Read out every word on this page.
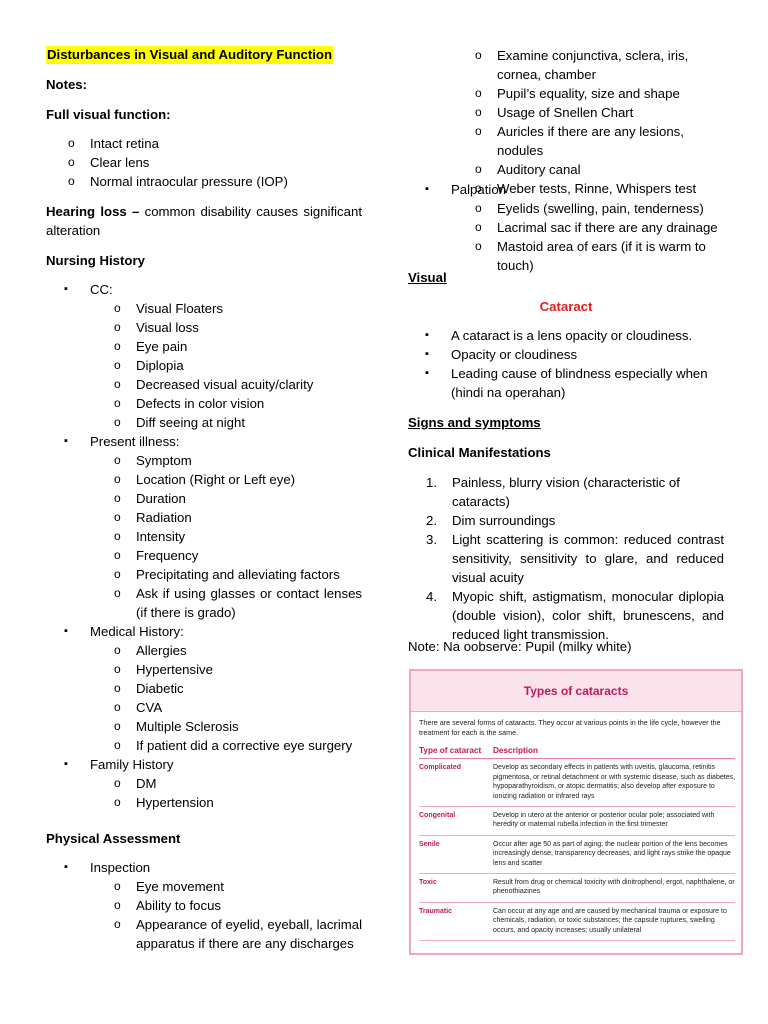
Disturbances in Visual and Auditory Function
Notes:
Full visual function:
o Intact retina
o Clear lens
o Normal intraocular pressure (IOP)
Hearing loss – common disability causes significant alteration
Nursing History
▪ CC:
o Visual Floaters
o Visual loss
o Eye pain
o Diplopia
o Decreased visual acuity/clarity
o Defects in color vision
o Diff seeing at night
▪ Present illness:
o Symptom
o Location (Right or Left eye)
o Duration
o Radiation
o Intensity
o Frequency
o Precipitating and alleviating factors
o Ask if using glasses or contact lenses (if there is grado)
▪ Medical History:
o Allergies
o Hypertensive
o Diabetic
o CVA
o Multiple Sclerosis
o If patient did a corrective eye surgery
▪ Family History
o DM
o Hypertension
Physical Assessment
▪ Inspection
o Eye movement
o Ability to focus
o Appearance of eyelid, eyeball, lacrimal apparatus if there are any discharges
o Examine conjunctiva, sclera, iris, cornea, chamber
o Pupil’s equality, size and shape
o Usage of Snellen Chart
o Auricles if there are any lesions, nodules
o Auditory canal
o Weber tests, Rinne, Whispers test
▪ Palpation
o Eyelids (swelling, pain, tenderness)
o Lacrimal sac if there are any drainage
o Mastoid area of ears (if it is warm to touch)
Visual
Cataract
▪ A cataract is a lens opacity or cloudiness.
▪ Opacity or cloudiness
▪ Leading cause of blindness especially when (hindi na operahan)
Signs and symptoms
Clinical Manifestations
1. Painless, blurry vision (characteristic of cataracts)
2. Dim surroundings
3. Light scattering is common: reduced contrast sensitivity, sensitivity to glare, and reduced visual acuity
4. Myopic shift, astigmatism, monocular diplopia (double vision), color shift, brunescens, and reduced light transmission.
Note: Na oobserve: Pupil (milky white)
Types of cataracts
There are several forms of cataracts. They occur at various points in the life cycle, however the treatment for each is the same.
Type of cataract	Description
Complicated	Develop as secondary effects in patients with uveitis, glaucoma, retinitis pigmentosa, or retinal detachment or with systemic disease, such as diabetes, hypoparathyroidism, or atopic dermatitis; also develop after exposure to ionizing radiation or infrared rays
Congenital	Develop in utero at the anterior or posterior ocular pole; associated with heredity or maternal rubella infection in the first trimester
Senile	Occur after age 50 as part of aging; the nuclear portion of the lens becomes increasingly dense, transparency decreases, and light rays strike the opaque lens and scatter
Toxic	Result from drug or chemical toxicity with dinitrophenol, ergot, naphthalene, or phenothiazines
Traumatic	Can occur at any age and are caused by mechanical trauma or exposure to chemicals, radiation, or toxic substances; the capsule ruptures, swelling occurs, and opacity increases; usually unilateral
